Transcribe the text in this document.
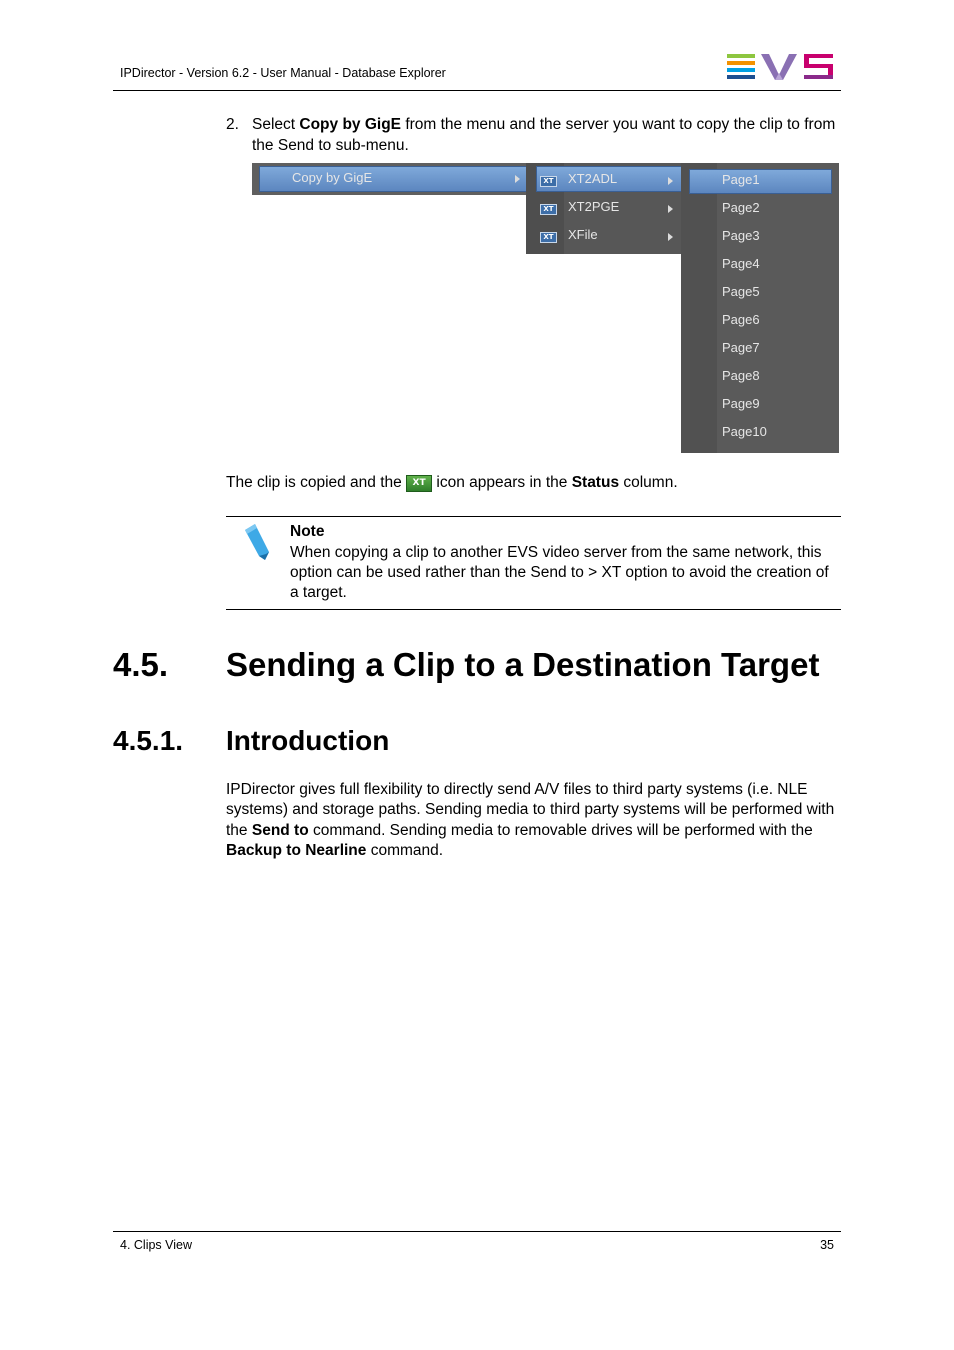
IPDirector - Version 6.2 - User Manual - Database Explorer
2. Select Copy by GigE from the menu and the server you want to copy the clip to from the Send to sub-menu.
Copy by GigE	XT XT2ADL
XT XT2PGE
XT XFile
Page1
Page2
Page3
Page4
Page5
Page6
Page7
Page8
Page9
Page10
The clip is copied and the XT icon appears in the Status column.
Note
When copying a clip to another EVS video server from the same network, this option can be used rather than the Send to > XT option to avoid the creation of a target.
4.5. Sending a Clip to a Destination Target
4.5.1. Introduction
IPDirector gives full flexibility to directly send A/V files to third party systems (i.e. NLE systems) and storage paths. Sending media to third party systems will be performed with the Send to command. Sending media to removable drives will be performed with the Backup to Nearline command.
4. Clips View	35
